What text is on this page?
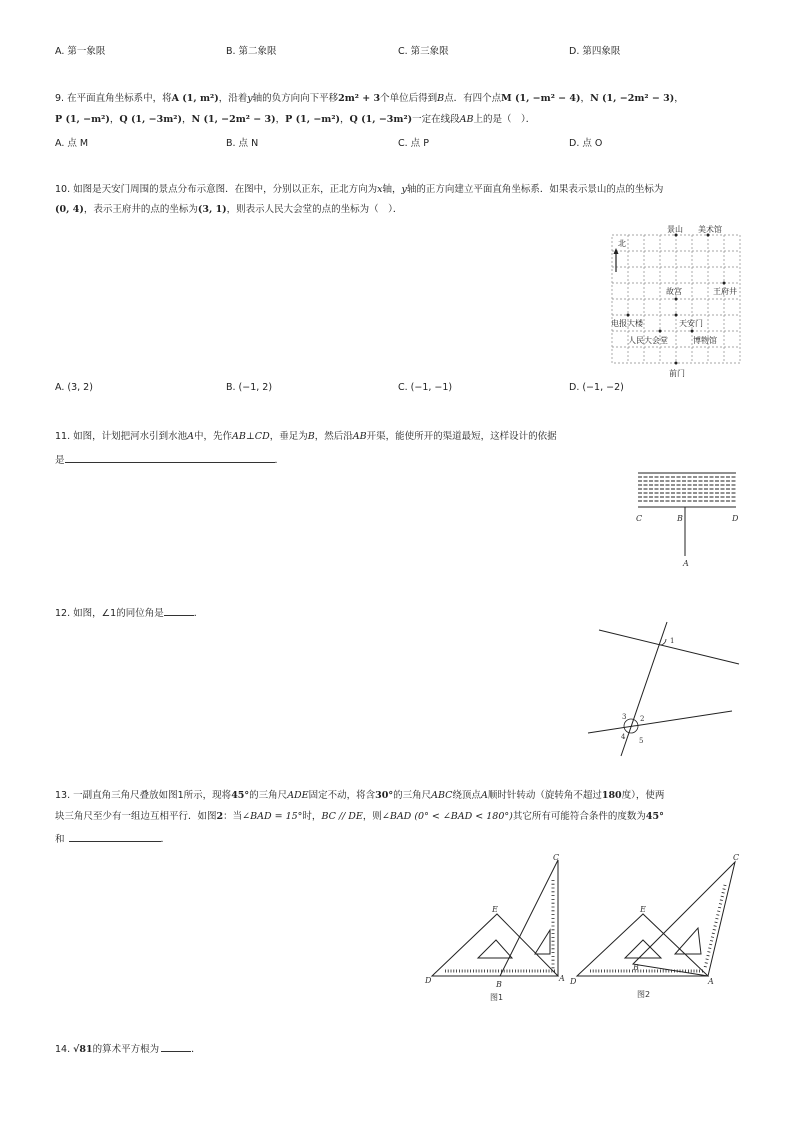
A. 第一象限	B. 第二象限	C. 第三象限	D. 第四象限
9. 在平面直角坐标系中，将A (1, m²)，沿着y轴的负方向向下平移2m² + 3个单位后得到B点．有四个点M (1, −m² − 4)，N (1, −2m² − 3)，
P (1, −m²)，Q (1, −3m²)，N (1, −2m² − 3)，P (1, −m²)，Q (1, −3m²)一定在线段AB上的是（　）．
A. 点 M	B. 点 N	C. 点 P	D. 点 O
10. 如图是天安门周围的景点分布示意图．在图中，分别以正东，正北方向为x轴，y轴的正方向建立平面直角坐标系．如果表示景山的点的坐标为
(0, 4)，表示王府井的点的坐标为(3, 1)，则表示人民大会堂的点的坐标为（　）．
北
景山 美术馆
故宫	王府井
电报大楼	天安门
人民大会堂	博物馆
前门
A. (3, 2)	B. (−1, 2)	C. (−1, −1)	D. (−1, −2)
11. 如图，计划把河水引到水池A中，先作AB⊥CD，垂足为B，然后沿AB开渠，能使所开的渠道最短，这样设计的依据
是	．
C	B	D
A
12. 如图，∠1的同位角是	．
1
2
3
4 5
13. 一副直角三角尺叠放如图1所示，现将45°的三角尺ADE固定不动，将含30°的三角尺ABC绕顶点A顺时针转动（旋转角不超过180度），使两
块三角尺至少有一组边互相平行．如图2：当∠BAD = 15°时，BC // DE，则∠BAD (0° < ∠BAD < 180°)其它所有可能符合条件的度数为45°
和	．
C
E
D	B
A
图1
C
E
D
B
A
图2
14. √81的算术平方根为	．
